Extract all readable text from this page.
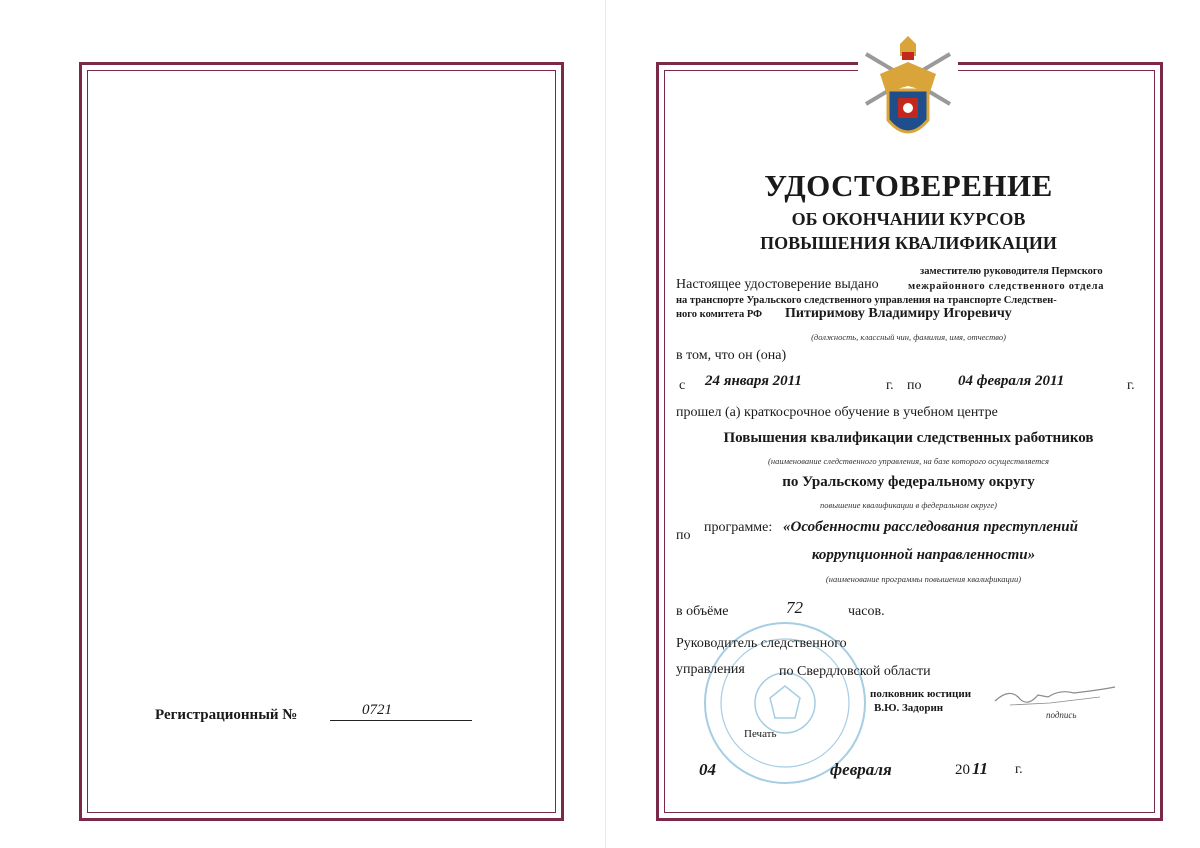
Регистрационный №	0721
УДОСТОВЕРЕНИЕ
ОБ ОКОНЧАНИИ КУРСОВ
ПОВЫШЕНИЯ КВАЛИФИКАЦИИ
заместителю руководителя Пермского
Настоящее удостоверение выдано	межрайонного следственного отдела
на транспорте Уральского следственного управления на транспорте Следствен-
ного комитета РФ Питиримову Владимиру Игоревичу
(должность, классный чин, фамилия, имя, отчество)
в том, что он (она)
с 24 января 2011	г. по 04 февраля 2011	г.
прошел (а) краткосрочное обучение в учебном центре
Повышения квалификации следственных работников
(наименование следственного управления, на базе которого осуществляется
по Уральскому федеральному округу
повышение квалификации в федеральном округе)
по
программе: «Особенности расследования преступлений
коррупционной направленности»
(наименование программы повышения квалификации)
в объёме	72	часов.
Руководитель следственного
управления по Свердловской области
полковник юстиции
В.Ю. Задорин
подпись
Печать
04	февраля	20 11 г.
